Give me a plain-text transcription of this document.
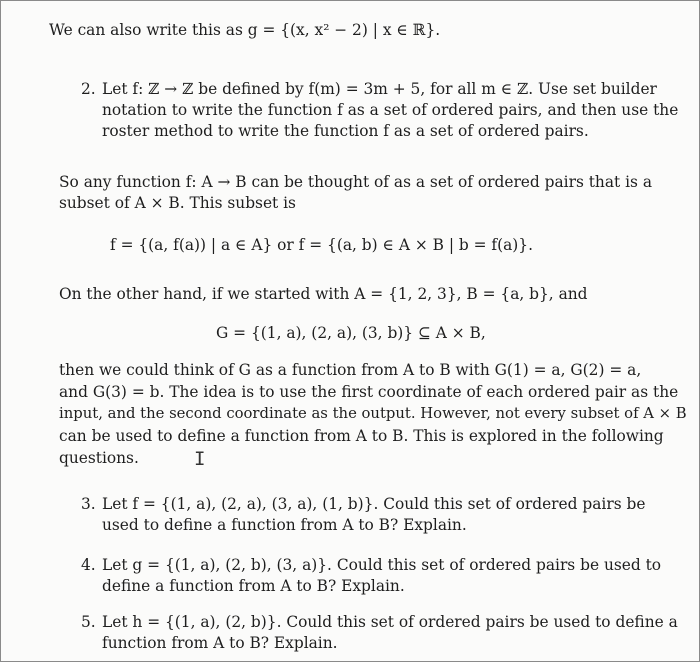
We can also write this as g = {(x, x² − 2) | x ∈ ℝ}.
2. Let f: ℤ → ℤ be defined by f(m) = 3m + 5, for all m ∈ ℤ. Use set builder
notation to write the function f as a set of ordered pairs, and then use the
roster method to write the function f as a set of ordered pairs.
So any function f: A → B can be thought of as a set of ordered pairs that is a
subset of A × B. This subset is
f = {(a, f(a)) | a ∈ A} or f = {(a, b) ∈ A × B | b = f(a)}.
On the other hand, if we started with A = {1, 2, 3}, B = {a, b}, and
G = {(1, a), (2, a), (3, b)} ⊆ A × B,
then we could think of G as a function from A to B with G(1) = a, G(2) = a,
and G(3) = b. The idea is to use the first coordinate of each ordered pair as the
input, and the second coordinate as the output. However, not every subset of A × B
can be used to define a function from A to B. This is explored in the following
questions.	I
3. Let f = {(1, a), (2, a), (3, a), (1, b)}. Could this set of ordered pairs be
used to define a function from A to B? Explain.
4. Let g = {(1, a), (2, b), (3, a)}. Could this set of ordered pairs be used to
define a function from A to B? Explain.
5. Let h = {(1, a), (2, b)}. Could this set of ordered pairs be used to define a
function from A to B? Explain.
